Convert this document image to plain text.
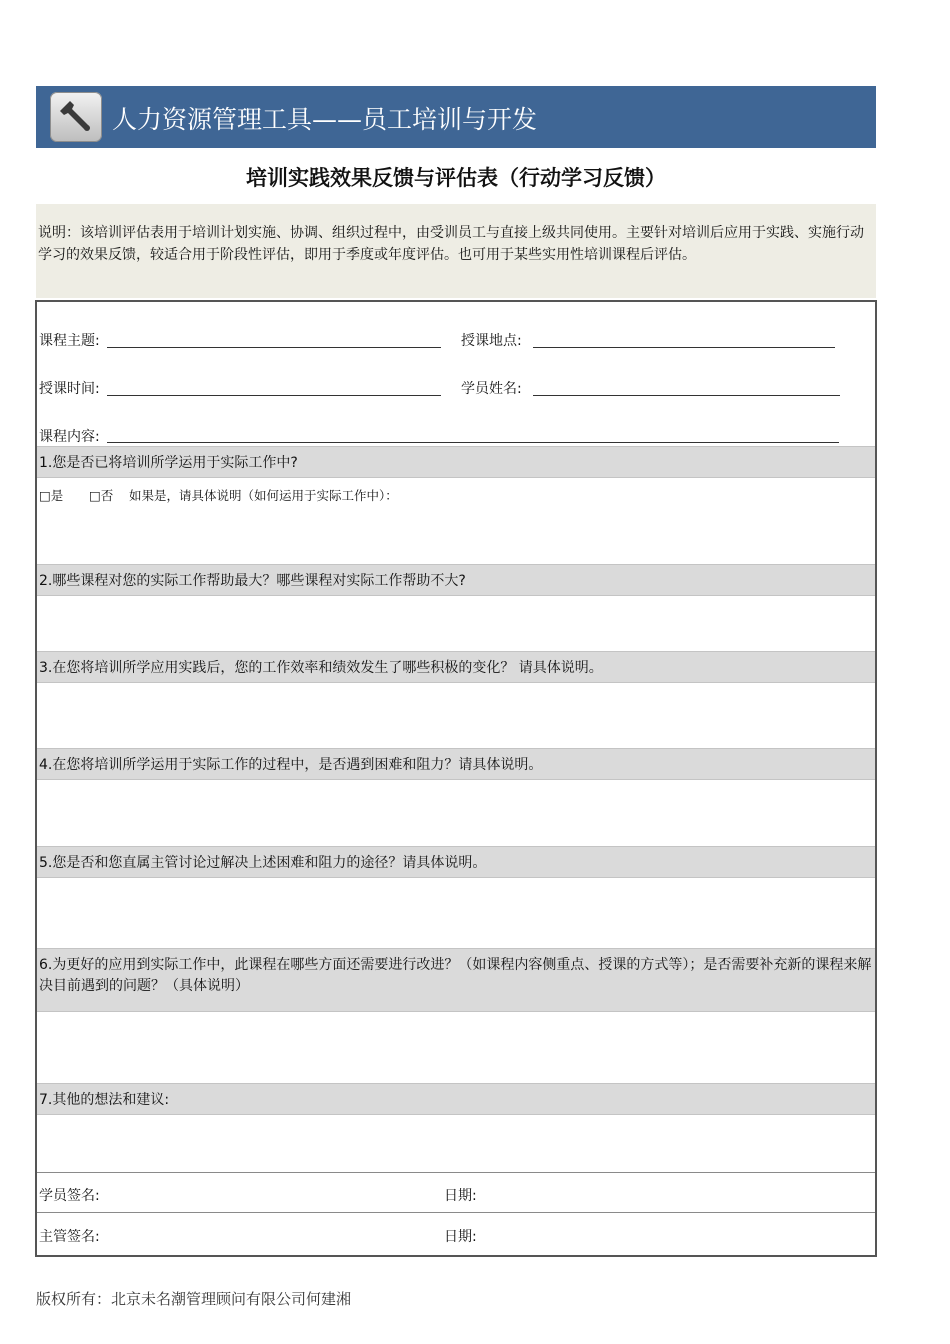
人力资源管理工具——员工培训与开发
培训实践效果反馈与评估表（行动学习反馈）
说明：该培训评估表用于培训计划实施、协调、组织过程中，由受训员工与直接上级共同使用。主要针对培训后应用于实践、实施行动学习的效果反馈，较适合用于阶段性评估，即用于季度或年度评估。也可用于某些实用性培训课程后评估。
课程主题:	授课地点:
授课时间:	学员姓名:
课程内容:
1.您是否已将培训所学运用于实际工作中?
□是 □否 如果是，请具体说明（如何运用于实际工作中）：
2.哪些课程对您的实际工作帮助最大？哪些课程对实际工作帮助不大?
3.在您将培训所学应用实践后，您的工作效率和绩效发生了哪些积极的变化？ 请具体说明。
4.在您将培训所学运用于实际工作的过程中，是否遇到困难和阻力？请具体说明。
5.您是否和您直属主管讨论过解决上述困难和阻力的途径？请具体说明。
6.为更好的应用到实际工作中，此课程在哪些方面还需要进行改进？（如课程内容侧重点、授课的方式等）；是否需要补充新的课程来解决目前遇到的问题？（具体说明）
7.其他的想法和建议:
学员签名:	日期:
主管签名:	日期:
版权所有：北京未名潮管理顾问有限公司何建湘
